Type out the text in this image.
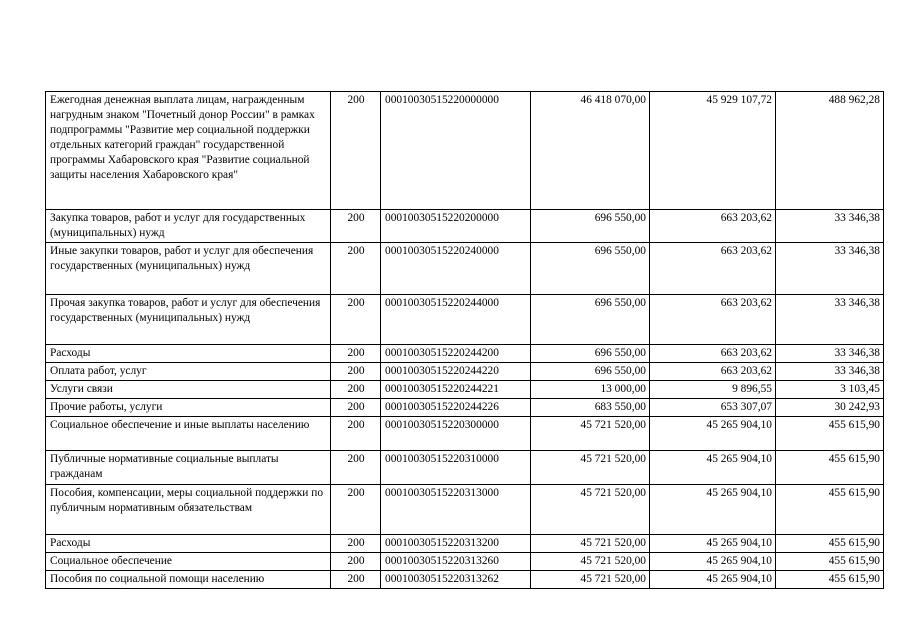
Ежегодная денежная выплата лицам, награжденным нагрудным знаком "Почетный донор России" в рамках подпрограммы "Развитие мер социальной поддержки отдельных категорий граждан" государственной программы Хабаровского края "Развитие социальной защиты населения Хабаровского края"	200	00010030515220000000	46 418 070,00	45 929 107,72	488 962,28
Закупка товаров, работ и услуг для государственных (муниципальных) нужд	200	00010030515220200000	696 550,00	663 203,62	33 346,38
Иные закупки товаров, работ и услуг для обеспечения государственных (муниципальных) нужд	200	00010030515220240000	696 550,00	663 203,62	33 346,38
Прочая закупка товаров, работ и услуг для обеспечения государственных (муниципальных) нужд	200	00010030515220244000	696 550,00	663 203,62	33 346,38
Расходы	200	00010030515220244200	696 550,00	663 203,62	33 346,38
Оплата работ, услуг	200	00010030515220244220	696 550,00	663 203,62	33 346,38
Услуги связи	200	00010030515220244221	13 000,00	9 896,55	3 103,45
Прочие работы, услуги	200	00010030515220244226	683 550,00	653 307,07	30 242,93
Социальное обеспечение и иные выплаты населению	200	00010030515220300000	45 721 520,00	45 265 904,10	455 615,90
Публичные нормативные социальные выплаты гражданам	200	00010030515220310000	45 721 520,00	45 265 904,10	455 615,90
Пособия, компенсации, меры социальной поддержки по публичным нормативным обязательствам	200	00010030515220313000	45 721 520,00	45 265 904,10	455 615,90
Расходы	200	00010030515220313200	45 721 520,00	45 265 904,10	455 615,90
Социальное обеспечение	200	00010030515220313260	45 721 520,00	45 265 904,10	455 615,90
Пособия по социальной помощи населению	200	00010030515220313262	45 721 520,00	45 265 904,10	455 615,90
